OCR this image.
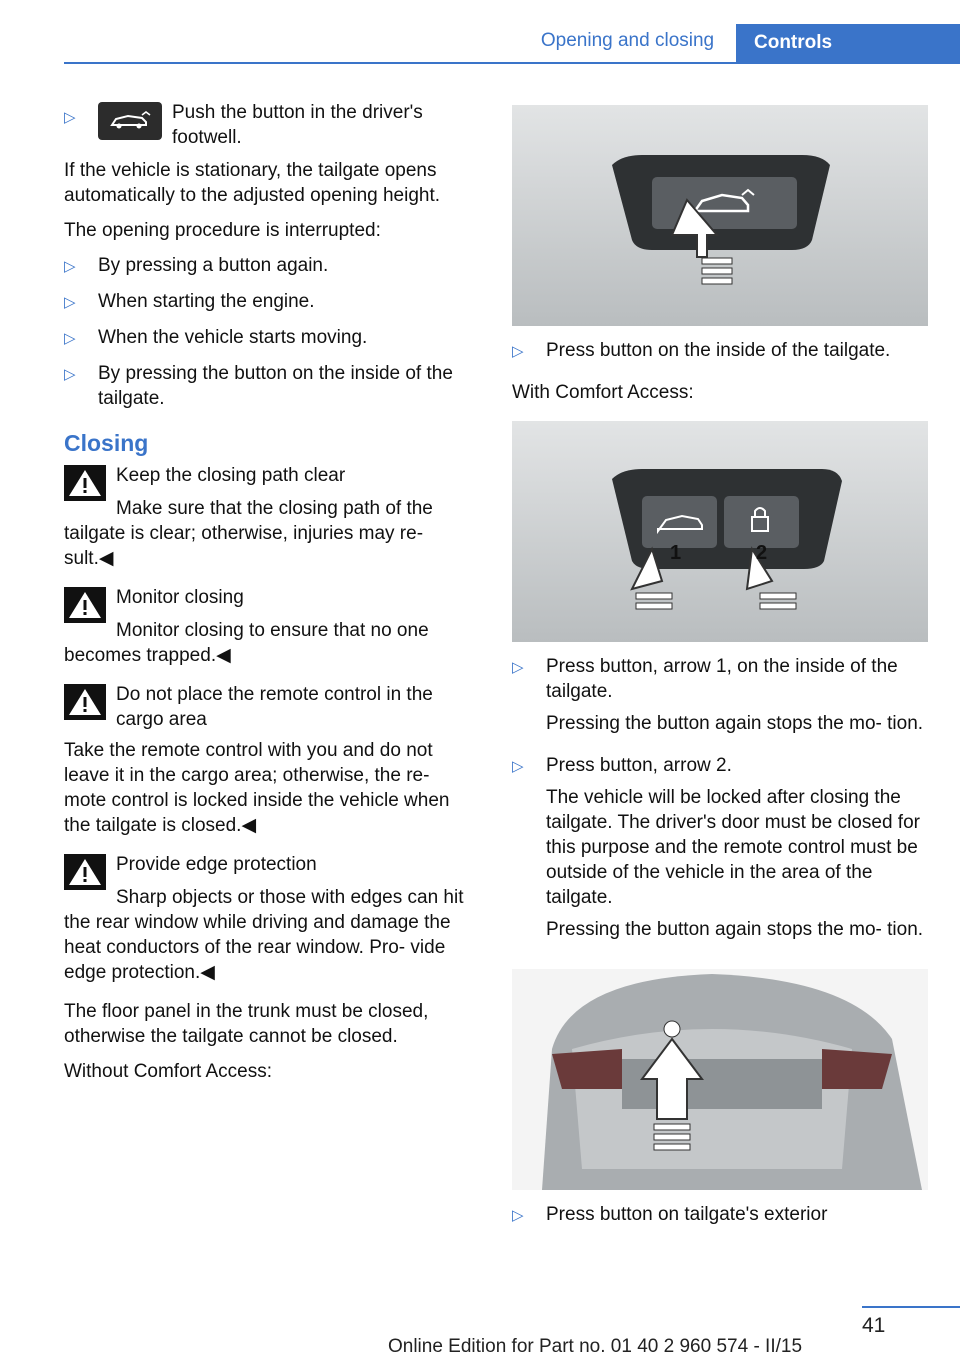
Opening and closing	Controls
▷	Push the button in the driver's footwell.

If the vehicle is stationary, the tailgate opens automatically to the adjusted opening height.

The opening procedure is interrupted:

▷	By pressing a button again.
▷	When starting the engine.
▷	When the vehicle starts moving.
▷	By pressing the button on the inside of the tailgate.
Closing
Keep the closing path clear
Make sure that the closing path of the tailgate is clear; otherwise, injuries may re‐ sult.◀
Monitor closing
Monitor closing to ensure that no one becomes trapped.◀
Do not place the remote control in the cargo area
Take the remote control with you and do not leave it in the cargo area; otherwise, the re‐ mote control is locked inside the vehicle when the tailgate is closed.◀
Provide edge protection
Sharp objects or those with edges can hit the rear window while driving and damage the heat conductors of the rear window. Pro‐ vide edge protection.◀

The floor panel in the trunk must be closed, otherwise the tailgate cannot be closed.

Without Comfort Access:

▷	Press button on the inside of the tailgate.

With Comfort Access:

1	2
▷	Press button, arrow 1, on the inside of the tailgate.

Pressing the button again stops the mo‐ tion.

▷	Press button, arrow 2.

The vehicle will be locked after closing the tailgate. The driver's door must be closed for this purpose and the remote control must be outside of the vehicle in the area of the tailgate.

Pressing the button again stops the mo‐ tion.

▷	Press button on tailgate's exterior
41
Online Edition for Part no. 01 40 2 960 574 - II/15
